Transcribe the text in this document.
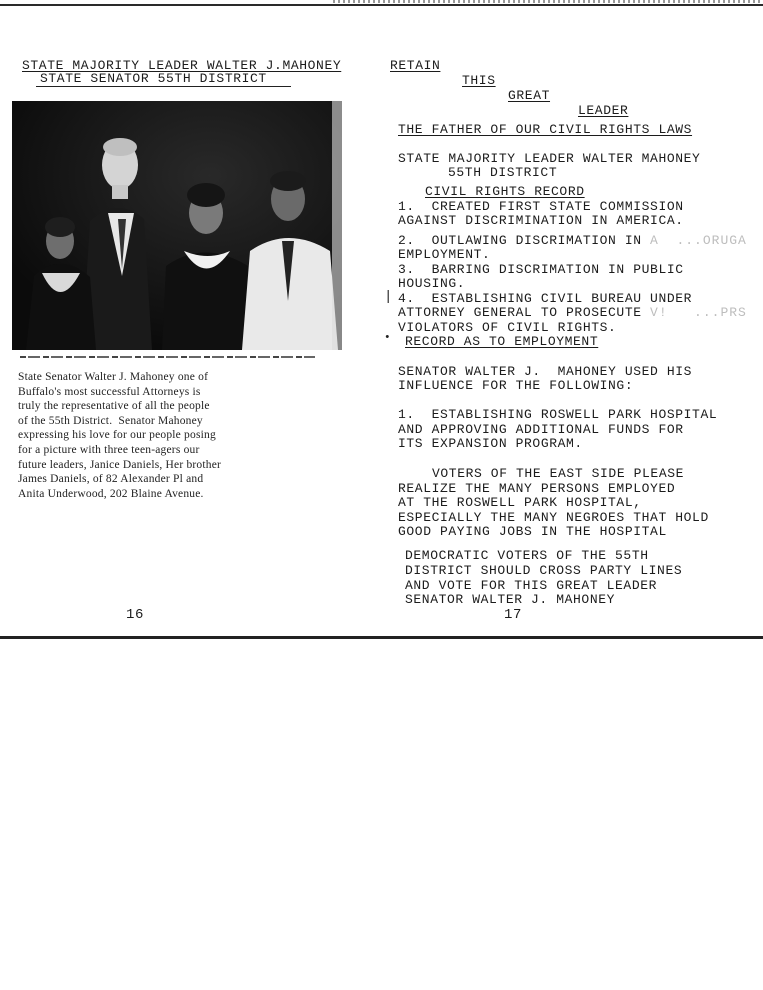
STATE MAJORITY LEADER WALTER J.MAHONEY
STATE SENATOR 55TH DISTRICT
State Senator Walter J. Mahoney one of
Buffalo's most successful Attorneys is
truly the representative of all the people
of the 55th District.  Senator Mahoney
expressing his love for our people posing
for a picture with three teen-agers our
future leaders, Janice Daniels, Her brother
James Daniels, of 82 Alexander Pl and
Anita Underwood, 202 Blaine Avenue.
16
RETAIN
THIS
GREAT
LEADER
THE FATHER OF OUR CIVIL RIGHTS LAWS
STATE MAJORITY LEADER WALTER MAHONEY
55TH DISTRICT
CIVIL RIGHTS RECORD
1.  CREATED FIRST STATE COMMISSION
AGAINST DISCRIMINATION IN AMERICA.
2.  OUTLAWING DISCRIMATION IN A  ...ORUGA
EMPLOYMENT.
3.  BARRING DISCRIMATION IN PUBLIC
HOUSING.
|
•
4.  ESTABLISHING CIVIL BUREAU UNDER
ATTORNEY GENERAL TO PROSECUTE V!   ...PRS
VIOLATORS OF CIVIL RIGHTS.
RECORD AS TO EMPLOYMENT
SENATOR WALTER J.  MAHONEY USED HIS
INFLUENCE FOR THE FOLLOWING:
1.  ESTABLISHING ROSWELL PARK HOSPITAL
AND APPROVING ADDITIONAL FUNDS FOR
ITS EXPANSION PROGRAM.
VOTERS OF THE EAST SIDE PLEASE
REALIZE THE MANY PERSONS EMPLOYED
AT THE ROSWELL PARK HOSPITAL,
ESPECIALLY THE MANY NEGROES THAT HOLD
GOOD PAYING JOBS IN THE HOSPITAL
DEMOCRATIC VOTERS OF THE 55TH
DISTRICT SHOULD CROSS PARTY LINES
AND VOTE FOR THIS GREAT LEADER
SENATOR WALTER J. MAHONEY
17
